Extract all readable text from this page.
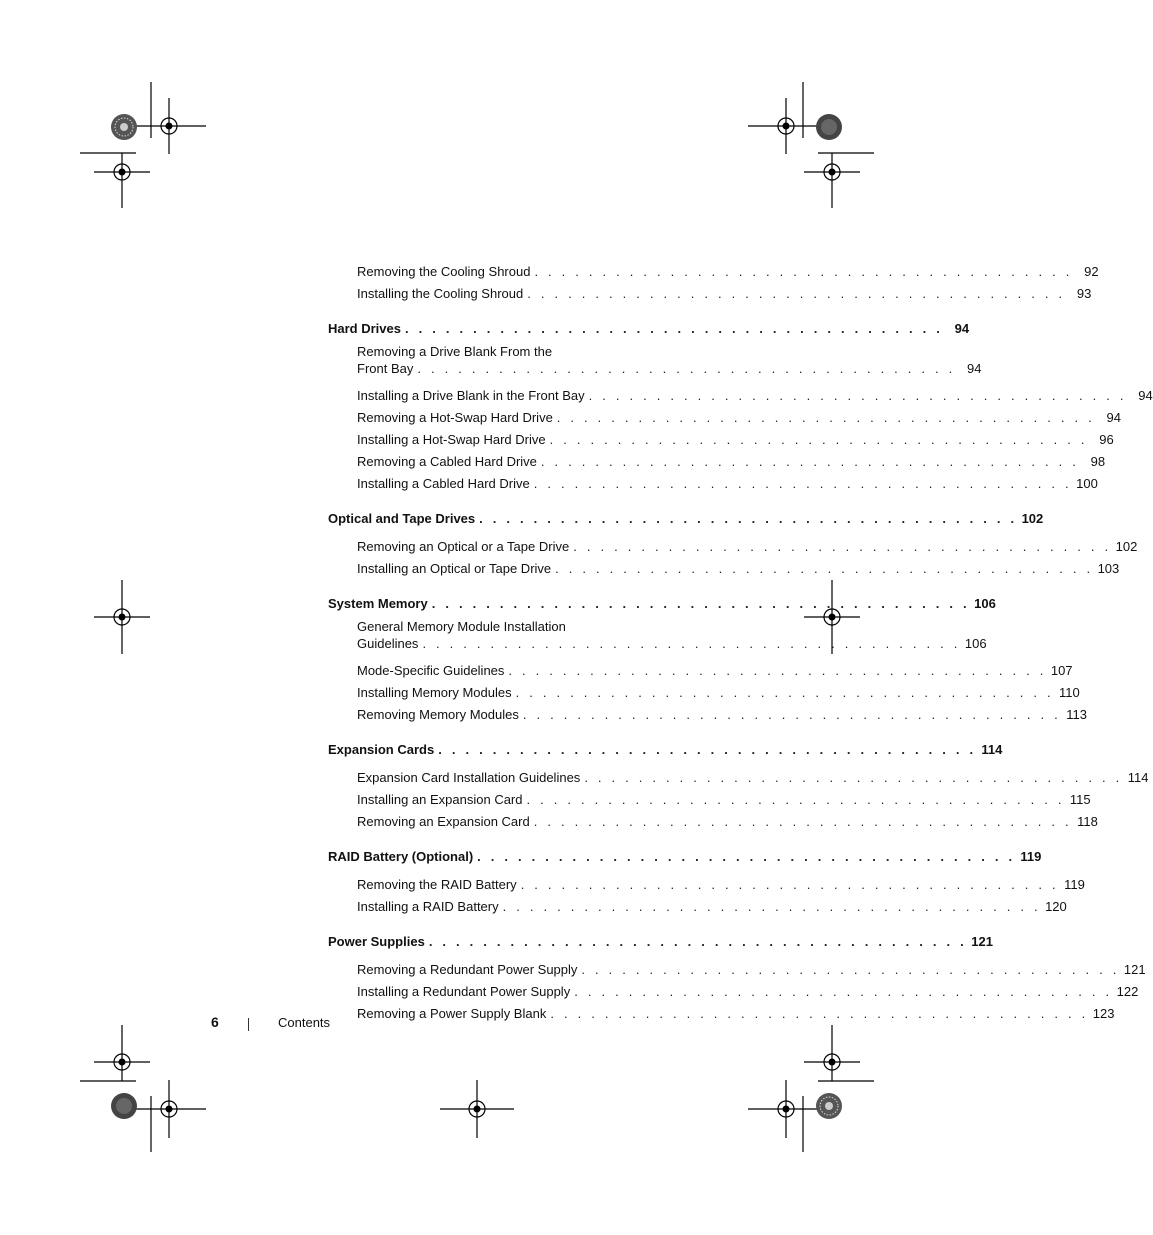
Removing the Cooling Shroud . . . . . . . . . . . . . . . . . . . . . . . . . . . . . . . . . . . . . . . . 92
Installing the Cooling Shroud . . . . . . . . . . . . . . . . . . . . . . . . . . . . . . . . . . . . . . . . 93
Hard Drives . . . . . . . . . . . . . . . . . . . . . . . . . . . . . . . . . . . . . . . . 94
Removing a Drive Blank From the
Front Bay . . . . . . . . . . . . . . . . . . . . . . . . . . . . . . . . . . . . . . . . 94
Installing a Drive Blank in the Front Bay . . . . . . . . . . . . . . . . . . . . . . . . . . . . . . . . . . . . . . . . 94
Removing a Hot-Swap Hard Drive . . . . . . . . . . . . . . . . . . . . . . . . . . . . . . . . . . . . . . . . 94
Installing a Hot-Swap Hard Drive . . . . . . . . . . . . . . . . . . . . . . . . . . . . . . . . . . . . . . . . 96
Removing a Cabled Hard Drive . . . . . . . . . . . . . . . . . . . . . . . . . . . . . . . . . . . . . . . . 98
Installing a Cabled Hard Drive . . . . . . . . . . . . . . . . . . . . . . . . . . . . . . . . . . . . . . . . 100
Optical and Tape Drives . . . . . . . . . . . . . . . . . . . . . . . . . . . . . . . . . . . . . . . . 102
Removing an Optical or a Tape Drive . . . . . . . . . . . . . . . . . . . . . . . . . . . . . . . . . . . . . . . . 102
Installing an Optical or Tape Drive . . . . . . . . . . . . . . . . . . . . . . . . . . . . . . . . . . . . . . . . 103
System Memory . . . . . . . . . . . . . . . . . . . . . . . . . . . . . . . . . . . . . . . . 106
General Memory Module Installation
Guidelines . . . . . . . . . . . . . . . . . . . . . . . . . . . . . . . . . . . . . . . . 106
Mode-Specific Guidelines . . . . . . . . . . . . . . . . . . . . . . . . . . . . . . . . . . . . . . . . 107
Installing Memory Modules . . . . . . . . . . . . . . . . . . . . . . . . . . . . . . . . . . . . . . . . 110
Removing Memory Modules . . . . . . . . . . . . . . . . . . . . . . . . . . . . . . . . . . . . . . . . 113
Expansion Cards . . . . . . . . . . . . . . . . . . . . . . . . . . . . . . . . . . . . . . . . 114
Expansion Card Installation Guidelines . . . . . . . . . . . . . . . . . . . . . . . . . . . . . . . . . . . . . . . . 114
Installing an Expansion Card . . . . . . . . . . . . . . . . . . . . . . . . . . . . . . . . . . . . . . . . 115
Removing an Expansion Card . . . . . . . . . . . . . . . . . . . . . . . . . . . . . . . . . . . . . . . . 118
RAID Battery (Optional) . . . . . . . . . . . . . . . . . . . . . . . . . . . . . . . . . . . . . . . . 119
Removing the RAID Battery . . . . . . . . . . . . . . . . . . . . . . . . . . . . . . . . . . . . . . . . 119
Installing a RAID Battery . . . . . . . . . . . . . . . . . . . . . . . . . . . . . . . . . . . . . . . . 120
Power Supplies . . . . . . . . . . . . . . . . . . . . . . . . . . . . . . . . . . . . . . . . 121
Removing a Redundant Power Supply . . . . . . . . . . . . . . . . . . . . . . . . . . . . . . . . . . . . . . . . 121
Installing a Redundant Power Supply . . . . . . . . . . . . . . . . . . . . . . . . . . . . . . . . . . . . . . . . 122
Removing a Power Supply Blank . . . . . . . . . . . . . . . . . . . . . . . . . . . . . . . . . . . . . . . . 123
6	Contents
